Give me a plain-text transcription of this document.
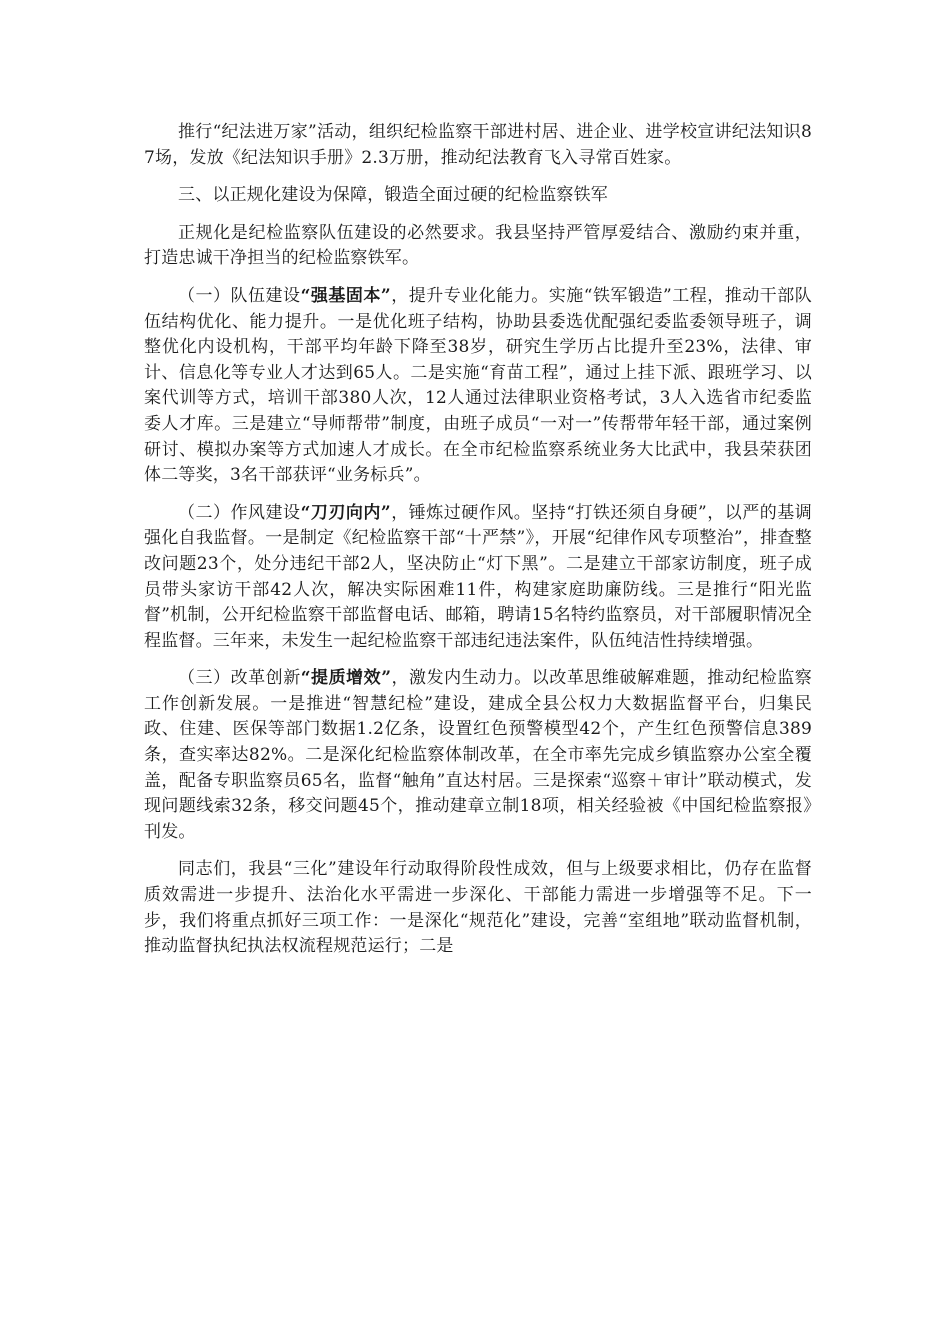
推行“纪法进万家”活动，组织纪检监察干部进村居、进企业、进学校宣讲纪法知识87场，发放《纪法知识手册》2.3万册，推动纪法教育飞入寻常百姓家。

三、以正规化建设为保障，锻造全面过硬的纪检监察铁军

正规化是纪检监察队伍建设的必然要求。我县坚持严管厚爱结合、激励约束并重，打造忠诚干净担当的纪检监察铁军。

（一）队伍建设“强基固本”，提升专业化能力。实施“铁军锻造”工程，推动干部队伍结构优化、能力提升。一是优化班子结构，协助县委选优配强纪委监委领导班子，调整优化内设机构，干部平均年龄下降至38岁，研究生学历占比提升至23%，法律、审计、信息化等专业人才达到65人。二是实施“育苗工程”，通过上挂下派、跟班学习、以案代训等方式，培训干部380人次，12人通过法律职业资格考试，3人入选省市纪委监委人才库。三是建立“导师帮带”制度，由班子成员“一对一”传帮带年轻干部，通过案例研讨、模拟办案等方式加速人才成长。在全市纪检监察系统业务大比武中，我县荣获团体二等奖，3名干部获评“业务标兵”。

（二）作风建设“刀刃向内”，锤炼过硬作风。坚持“打铁还须自身硬”，以严的基调强化自我监督。一是制定《纪检监察干部“十严禁”》，开展“纪律作风专项整治”，排查整改问题23个，处分违纪干部2人，坚决防止“灯下黑”。二是建立干部家访制度，班子成员带头家访干部42人次，解决实际困难11件，构建家庭助廉防线。三是推行“阳光监督”机制，公开纪检监察干部监督电话、邮箱，聘请15名特约监察员，对干部履职情况全程监督。三年来，未发生一起纪检监察干部违纪违法案件，队伍纯洁性持续增强。

（三）改革创新“提质增效”，激发内生动力。以改革思维破解难题，推动纪检监察工作创新发展。一是推进“智慧纪检”建设，建成全县公权力大数据监督平台，归集民政、住建、医保等部门数据1.2亿条，设置红色预警模型42个，产生红色预警信息389条，查实率达82%。二是深化纪检监察体制改革，在全市率先完成乡镇监察办公室全覆盖，配备专职监察员65名，监督“触角”直达村居。三是探索“巡察＋审计”联动模式，发现问题线索32条，移交问题45个，推动建章立制18项，相关经验被《中国纪检监察报》刊发。

同志们，我县“三化”建设年行动取得阶段性成效，但与上级要求相比，仍存在监督质效需进一步提升、法治化水平需进一步深化、干部能力需进一步增强等不足。下一步，我们将重点抓好三项工作：一是深化“规范化”建设，完善“室组地”联动监督机制，推动监督执纪执法权流程规范运行；二是
